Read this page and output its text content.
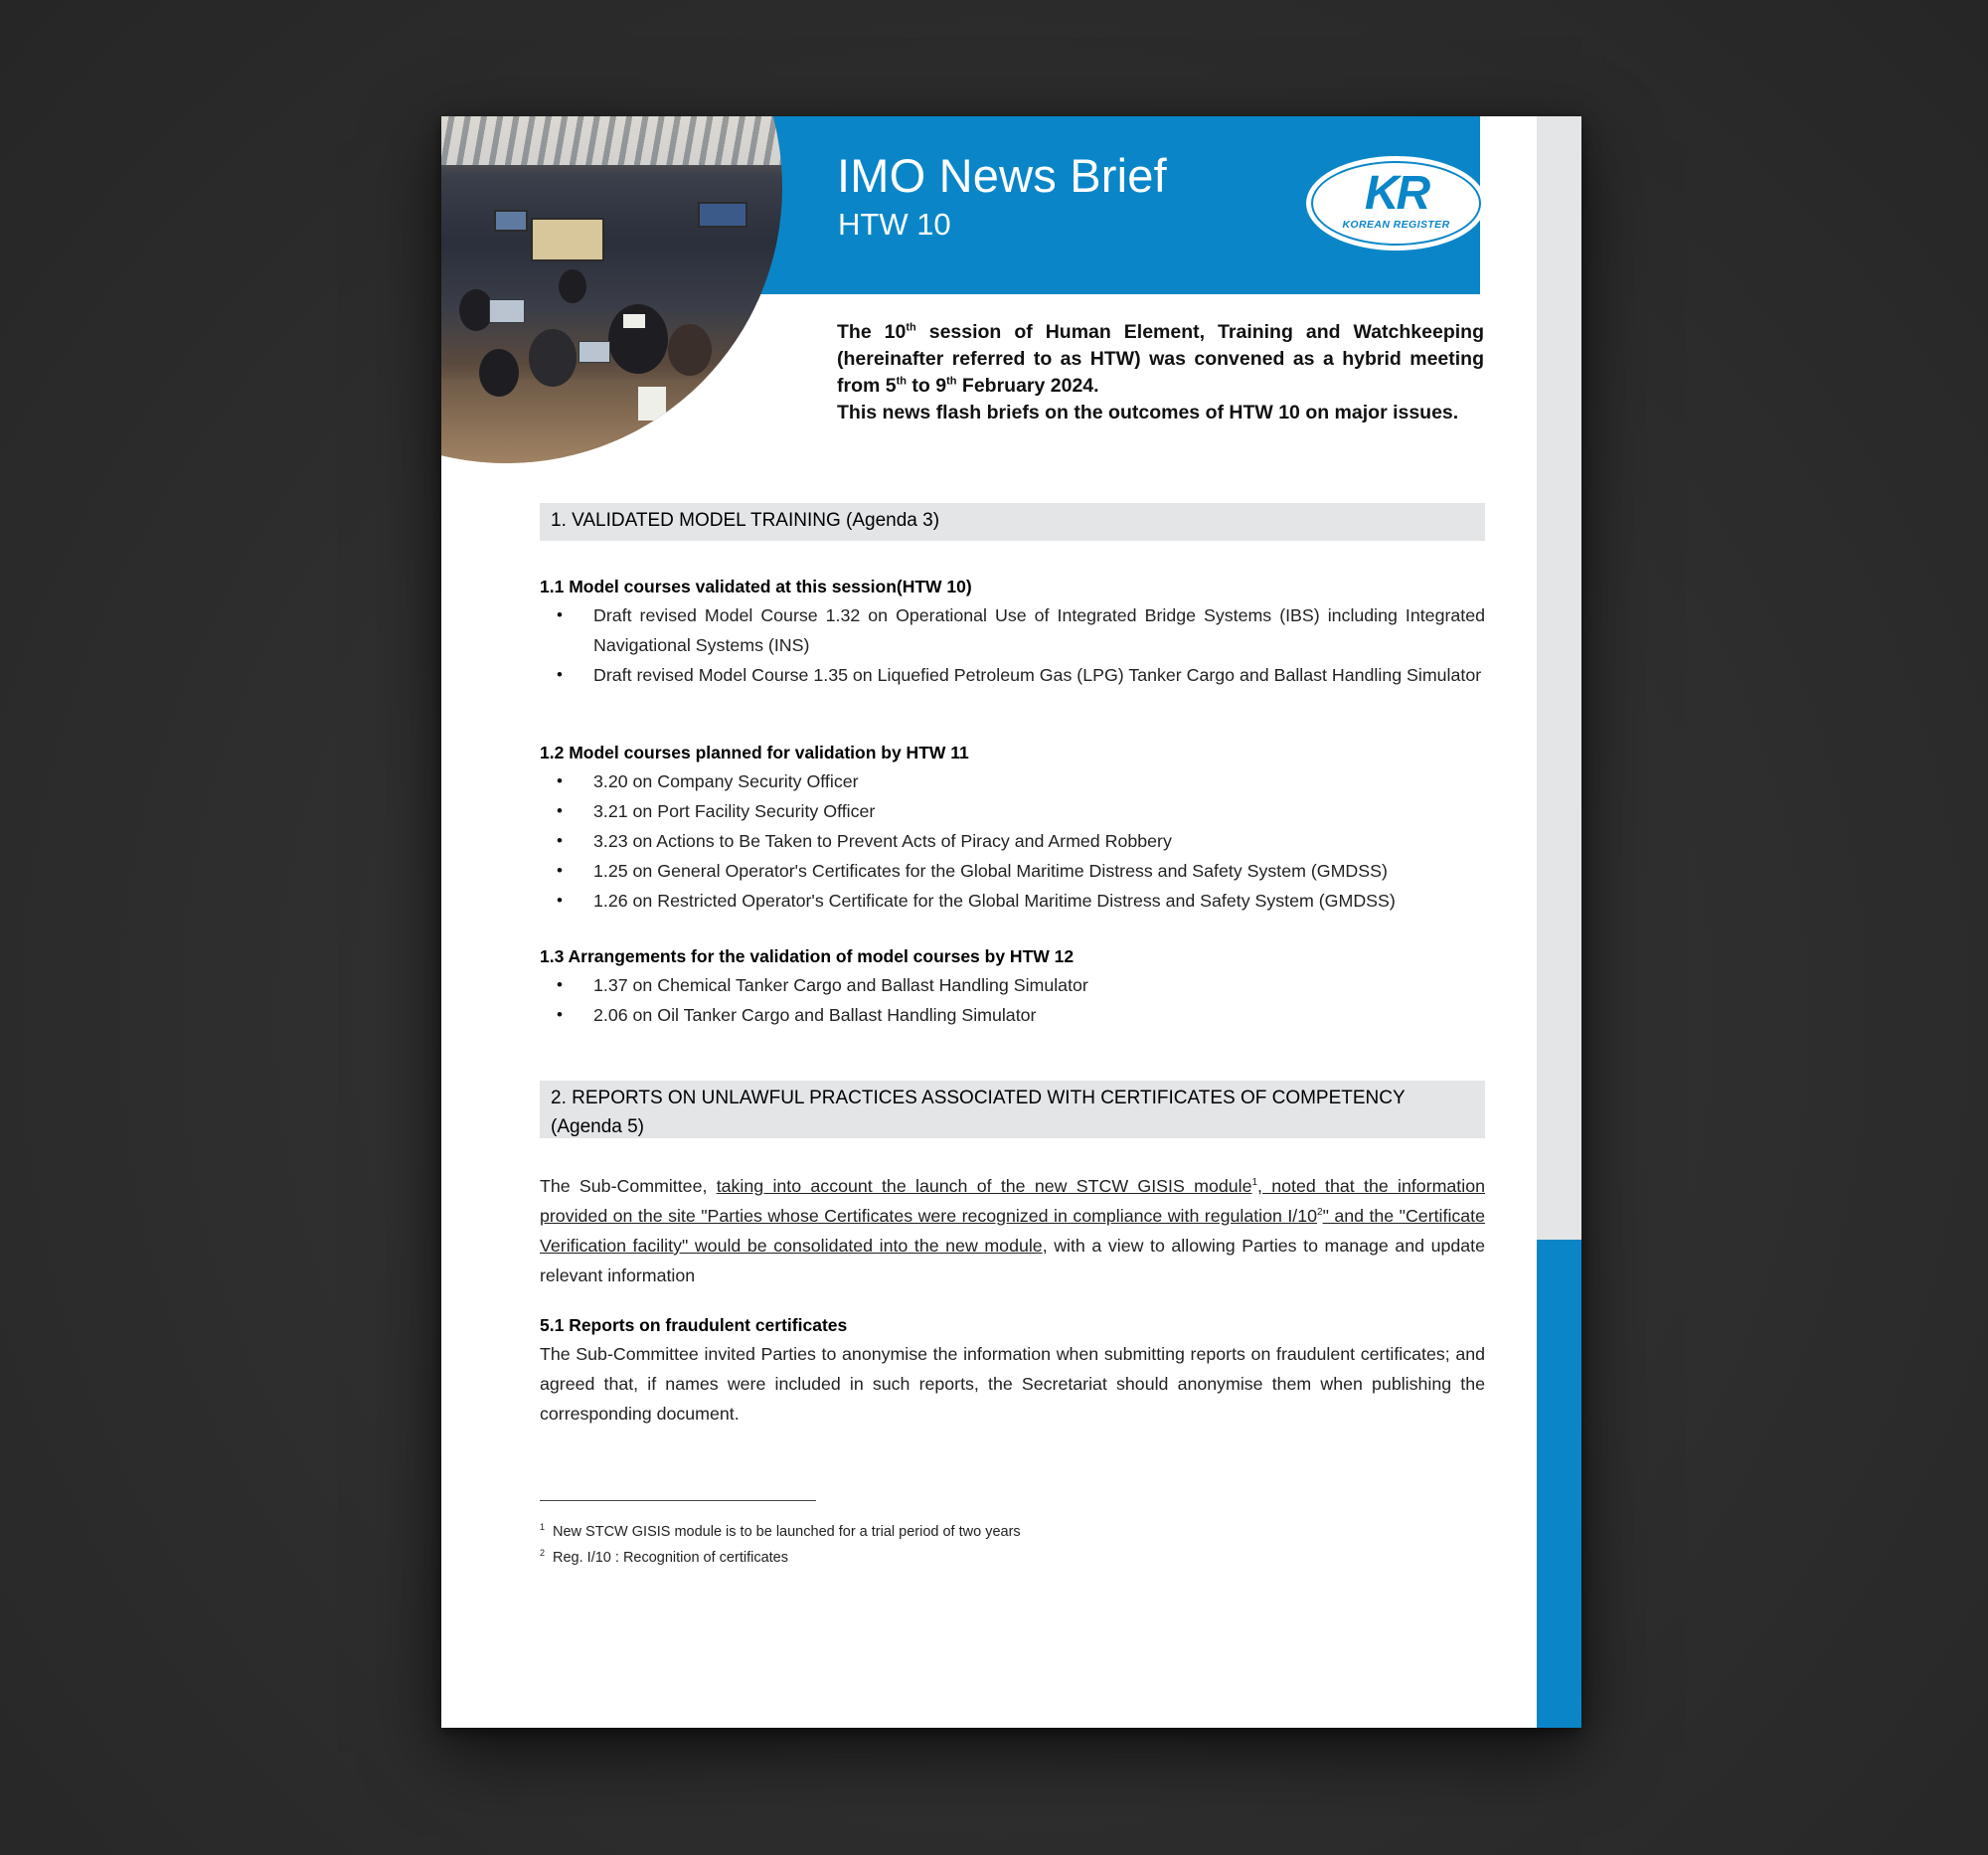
IMO News Brief
HTW 10
KR
KOREAN REGISTER

The 10th session of Human Element, Training and Watchkeeping (hereinafter referred to as HTW) was convened as a hybrid meeting from 5th to 9th February 2024.

This news flash briefs on the outcomes of HTW 10 on major issues.

1. VALIDATED MODEL TRAINING (Agenda 3)

1.1 Model courses validated at this session(HTW 10)

• Draft revised Model Course 1.32 on Operational Use of Integrated Bridge Systems (IBS) including Integrated Navigational Systems (INS)
• Draft revised Model Course 1.35 on Liquefied Petroleum Gas (LPG) Tanker Cargo and Ballast Handling Simulator

1.2 Model courses planned for validation by HTW 11

• 3.20 on Company Security Officer
• 3.21 on Port Facility Security Officer
• 3.23 on Actions to Be Taken to Prevent Acts of Piracy and Armed Robbery
• 1.25 on General Operator's Certificates for the Global Maritime Distress and Safety System (GMDSS)
• 1.26 on Restricted Operator's Certificate for the Global Maritime Distress and Safety System (GMDSS)

1.3 Arrangements for the validation of model courses by HTW 12

• 1.37 on Chemical Tanker Cargo and Ballast Handling Simulator
• 2.06 on Oil Tanker Cargo and Ballast Handling Simulator
2. REPORTS ON UNLAWFUL PRACTICES ASSOCIATED WITH CERTIFICATES OF COMPETENCY
(Agenda 5)

The Sub-Committee, taking into account the launch of the new STCW GISIS module$^1$, noted that the information provided on the site "Parties whose Certificates were recognized in compliance with regulation $I/10^2$" and the "Certificate Verification facility" would be consolidated into the new module, with a view to allowing Parties to manage and update relevant information

5.1 Reports on fraudulent certificates

The Sub-Committee invited Parties to anonymise the information when submitting reports on fraudulent certificates; and agreed that, if names were included in such reports, the Secretariat should anonymise them when publishing the corresponding document.

$^1$ New STCW GISIS module is to be launched for a trial period of two years

$^2$ Reg. I/10 : Recognition of certificates
